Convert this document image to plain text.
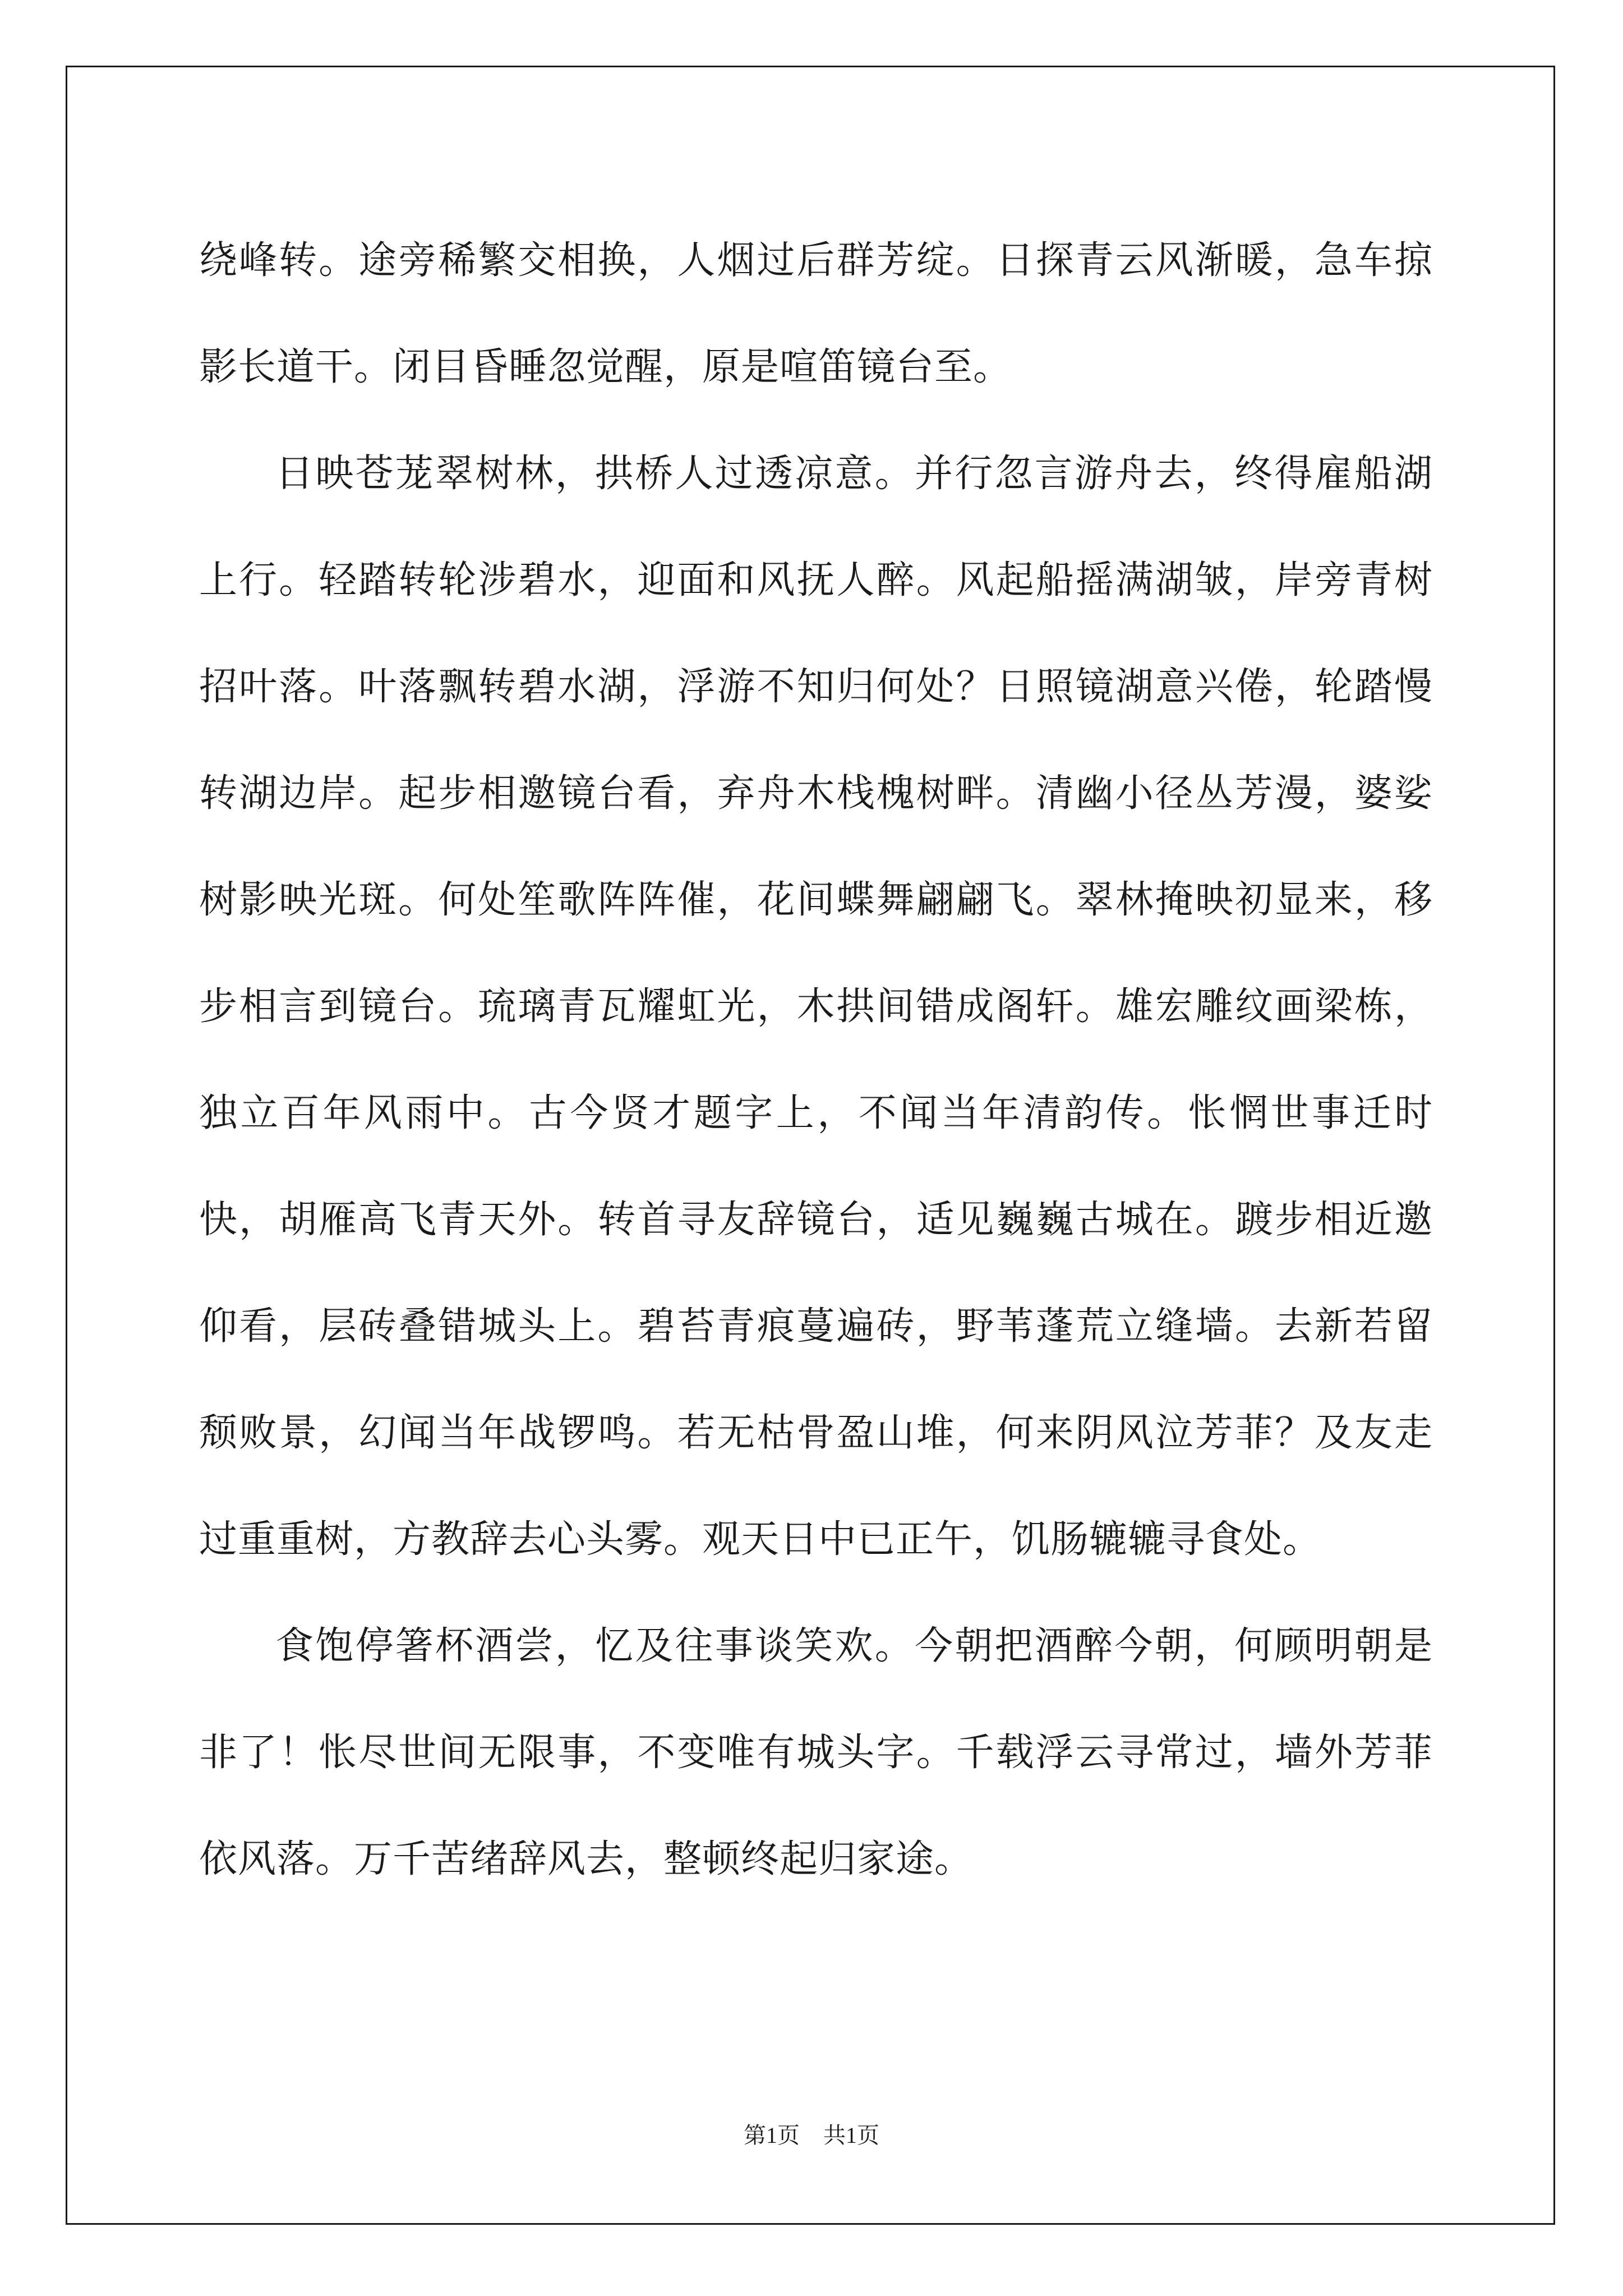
绕峰转。途旁稀繁交相换，人烟过后群芳绽。日探青云风渐暖，急车掠影长道干。闭目昏睡忽觉醒，原是喧笛镜台至。

日映苍茏翠树林，拱桥人过透凉意。并行忽言游舟去，终得雇船湖上行。轻踏转轮涉碧水，迎面和风抚人醉。风起船摇满湖皱，岸旁青树招叶落。叶落飘转碧水湖，浮游不知归何处？日照镜湖意兴倦，轮踏慢转湖边岸。起步相邀镜台看，弃舟木栈槐树畔。清幽小径丛芳漫，婆娑树影映光斑。何处笙歌阵阵催，花间蝶舞翩翩飞。翠林掩映初显来，移步相言到镜台。琉璃青瓦耀虹光，木拱间错成阁轩。雄宏雕纹画梁栋，独立百年风雨中。古今贤才题字上，不闻当年清韵传。怅惘世事迁时快，胡雁高飞青天外。转首寻友辞镜台，适见巍巍古城在。踱步相近邀仰看，层砖叠错城头上。碧苔青痕蔓遍砖，野苇蓬荒立缝墙。去新若留颓败景，幻闻当年战锣鸣。若无枯骨盈山堆，何来阴风泣芳菲？及友走过重重树，方教辞去心头雾。观天日中已正午，饥肠辘辘寻食处。

食饱停箸杯酒尝，忆及往事谈笑欢。今朝把酒醉今朝，何顾明朝是非了！怅尽世间无限事，不变唯有城头字。千载浮云寻常过，墙外芳菲依风落。万千苦绪辞风去，整顿终起归家途。

第1页 共1页
